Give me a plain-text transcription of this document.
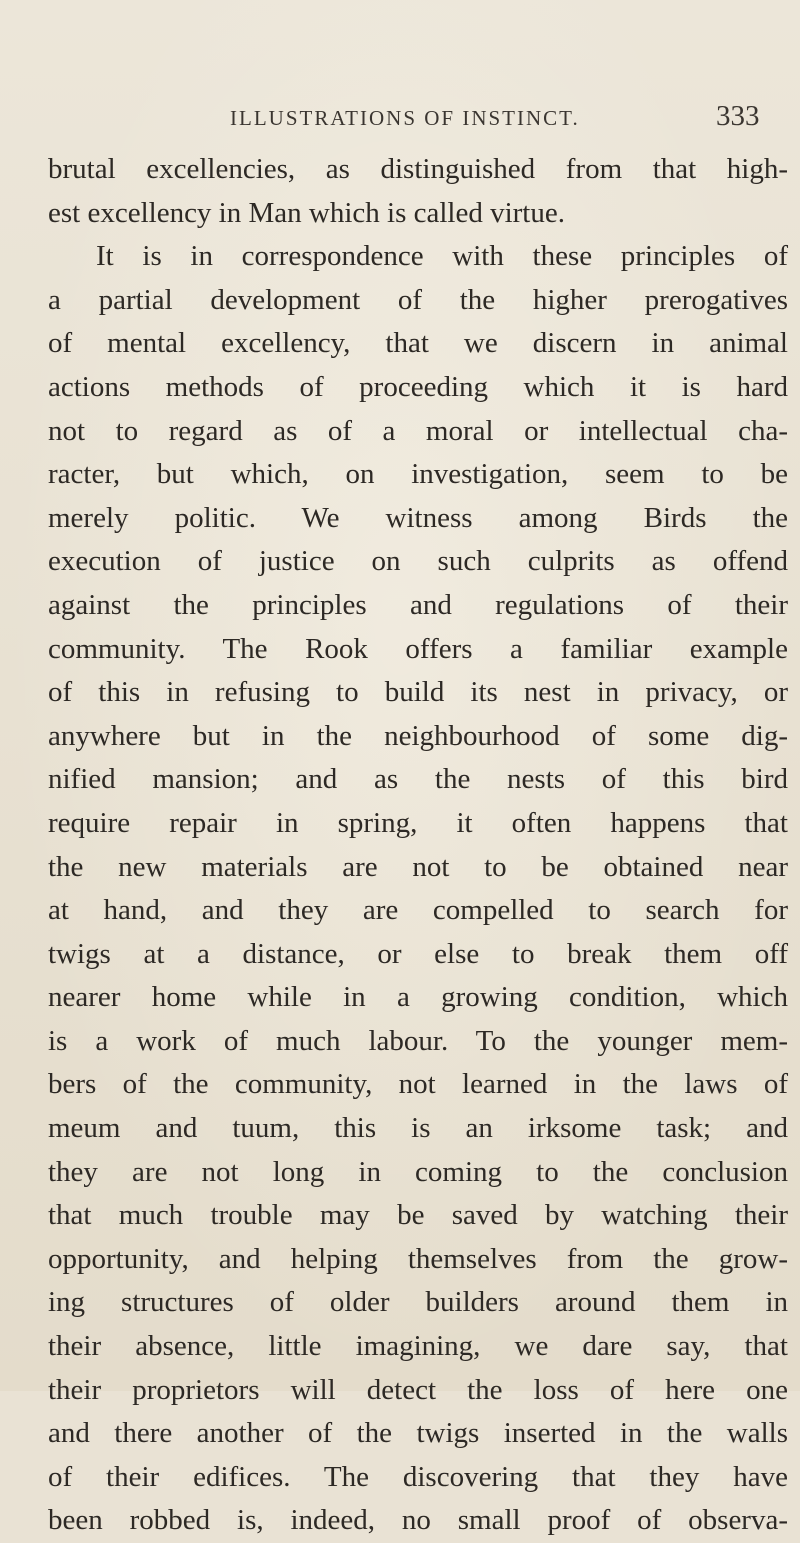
ILLUSTRATIONS OF INSTINCT.	333
brutal excellencies, as distinguished from that high-
est excellency in Man which is called virtue.
It is in correspondence with these principles of
a partial development of the higher prerogatives
of mental excellency, that we discern in animal
actions methods of proceeding which it is hard
not to regard as of a moral or intellectual cha-
racter, but which, on investigation, seem to be
merely politic. We witness among Birds the
execution of justice on such culprits as offend
against the principles and regulations of their
community. The Rook offers a familiar example
of this in refusing to build its nest in privacy, or
anywhere but in the neighbourhood of some dig-
nified mansion; and as the nests of this bird
require repair in spring, it often happens that
the new materials are not to be obtained near
at hand, and they are compelled to search for
twigs at a distance, or else to break them off
nearer home while in a growing condition, which
is a work of much labour. To the younger mem-
bers of the community, not learned in the laws of
meum and tuum, this is an irksome task; and
they are not long in coming to the conclusion
that much trouble may be saved by watching their
opportunity, and helping themselves from the grow-
ing structures of older builders around them in
their absence, little imagining, we dare say, that
their proprietors will detect the loss of here one
and there another of the twigs inserted in the walls
of their edifices. The discovering that they have
been robbed is, indeed, no small proof of observa-
